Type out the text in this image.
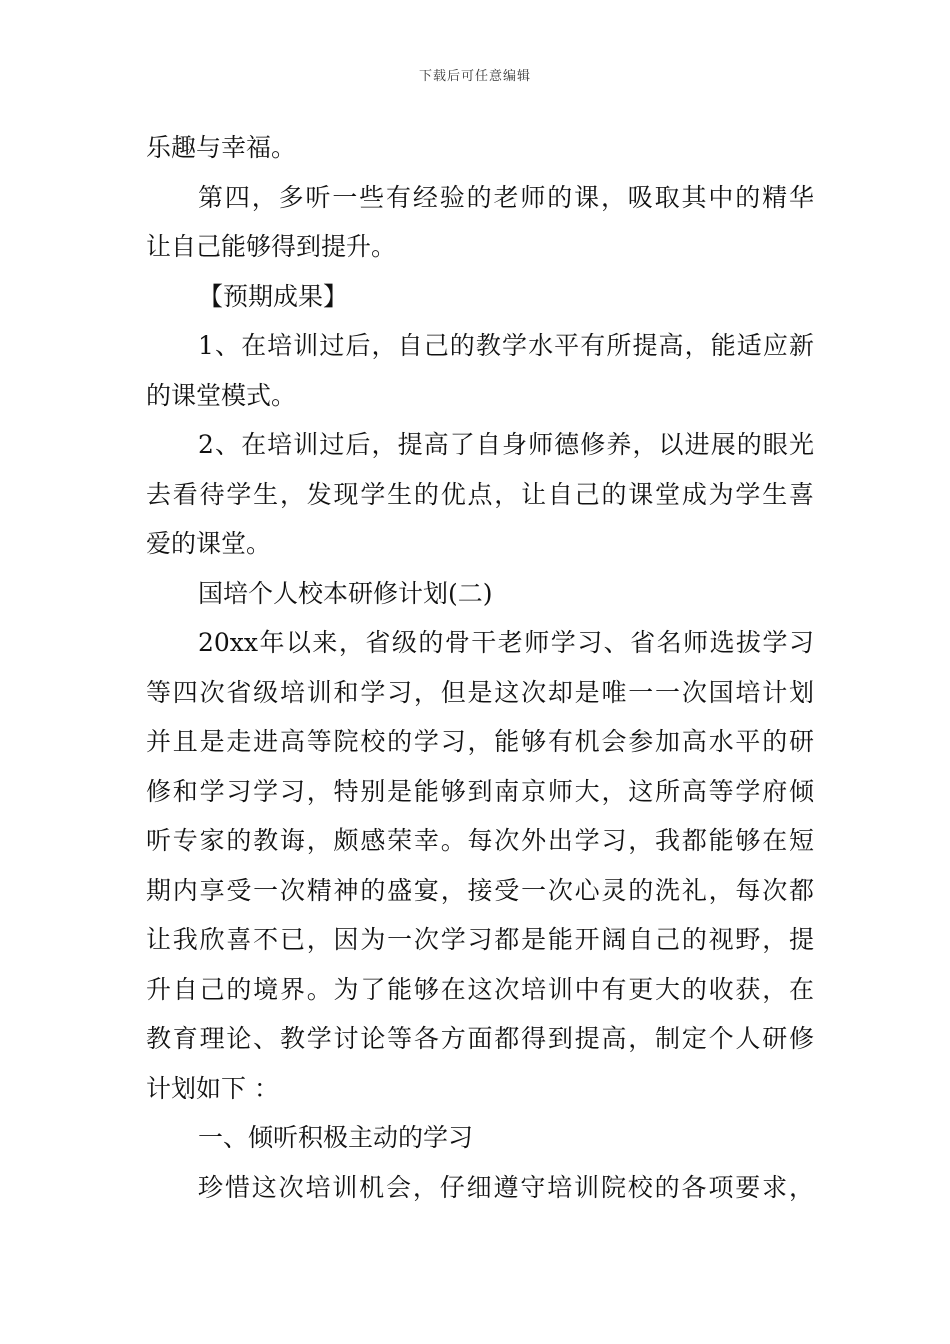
下载后可任意编辑
乐趣与幸福。
第四，多听一些有经验的老师的课，吸取其中的精华
让自己能够得到提升。
【预期成果】
1、在培训过后，自己的教学水平有所提高，能适应新
的课堂模式。
2、在培训过后，提高了自身师德修养，以进展的眼光
去看待学生，发现学生的优点，让自己的课堂成为学生喜
爱的课堂。
国培个人校本研修计划(二)
20xx年以来，省级的骨干老师学习、省名师选拔学习
等四次省级培训和学习，但是这次却是唯一一次国培计划
并且是走进高等院校的学习，能够有机会参加高水平的研
修和学习学习，特别是能够到南京师大，这所高等学府倾
听专家的教诲，颇感荣幸。每次外出学习，我都能够在短
期内享受一次精神的盛宴，接受一次心灵的洗礼，每次都
让我欣喜不已，因为一次学习都是能开阔自己的视野，提
升自己的境界。为了能够在这次培训中有更大的收获，在
教育理论、教学讨论等各方面都得到提高，制定个人研修
计划如下 ：
一、倾听积极主动的学习
珍惜这次培训机会，仔细遵守培训院校的各项要求，
